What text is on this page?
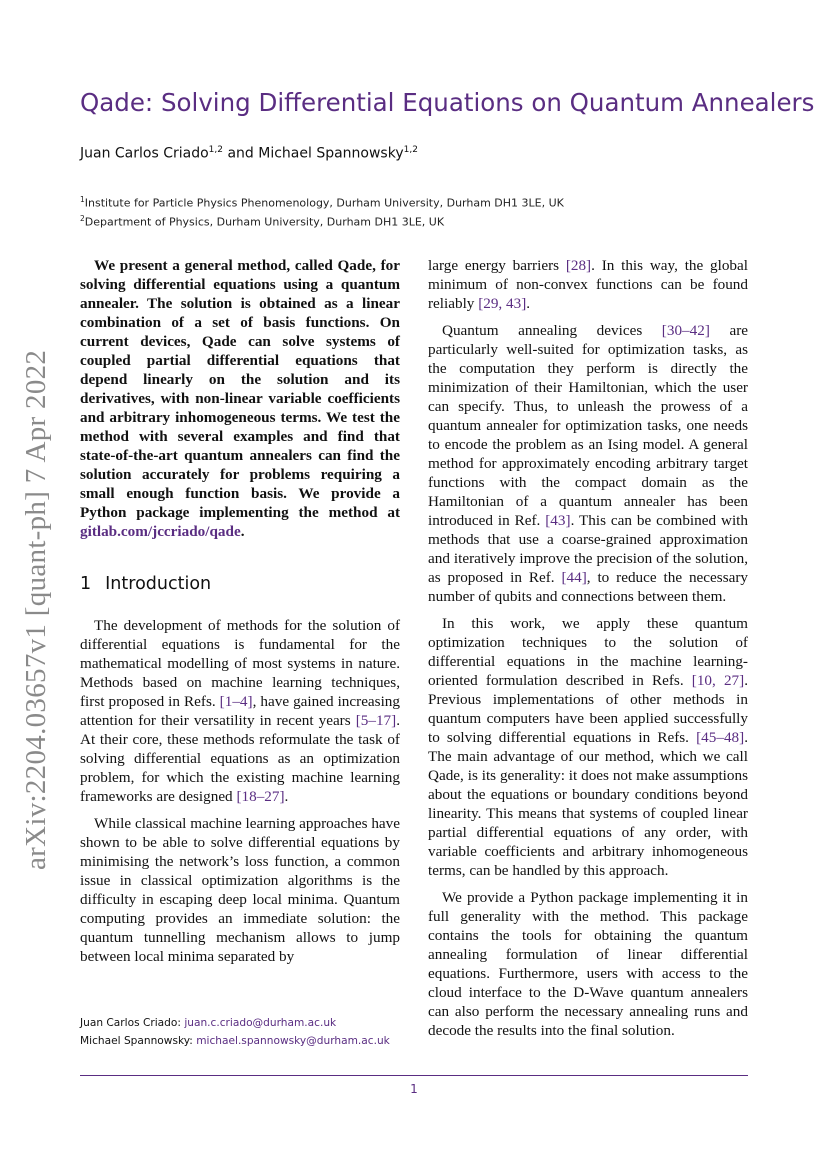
arXiv:2204.03657v1 [quant-ph] 7 Apr 2022
Qade: Solving Differential Equations on Quantum Annealers
Juan Carlos Criado$^{1,2}$ and Michael Spannowsky$^{1,2}$
$^1$Institute for Particle Physics Phenomenology, Durham University, Durham DH1 3LE, UK
$^2$Department of Physics, Durham University, Durham DH1 3LE, UK

We present a general method, called Qade, for solving differential equations using a quantum annealer. The solution is obtained as a linear combination of a set of basis functions. On current devices, Qade can solve systems of coupled partial differential equations that depend linearly on the solution and its derivatives, with non-linear variable coefficients and arbitrary inhomogeneous terms. We test the method with several examples and find that state-of-the-art quantum annealers can find the solution accurately for problems requiring a small enough function basis. We provide a Python package implementing the method at gitlab.com/jccriado/qade.

1 Introduction

The development of methods for the solution of differential equations is fundamental for the mathematical modelling of most systems in nature. Methods based on machine learning techniques, first proposed in Refs. [1–4], have gained increasing attention for their versatility in recent years [5–17]. At their core, these methods reformulate the task of solving differential equations as an optimization problem, for which the existing machine learning frameworks are designed [18–27].

While classical machine learning approaches have shown to be able to solve differential equations by minimising the network’s loss function, a common issue in classical optimization algorithms is the difficulty in escaping deep local minima. Quantum computing provides an immediate solution: the quantum tunnelling mechanism allows to jump between local minima separated by

large energy barriers [28]. In this way, the global minimum of non-convex functions can be found reliably [29, 43].

Quantum annealing devices [30–42] are particularly well-suited for optimization tasks, as the computation they perform is directly the minimization of their Hamiltonian, which the user can specify. Thus, to unleash the prowess of a quantum annealer for optimization tasks, one needs to encode the problem as an Ising model. A general method for approximately encoding arbitrary target functions with the compact domain as the Hamiltonian of a quantum annealer has been introduced in Ref. [43]. This can be combined with methods that use a coarse-grained approximation and iteratively improve the precision of the solution, as proposed in Ref. [44], to reduce the necessary number of qubits and connections between them.

In this work, we apply these quantum optimization techniques to the solution of differential equations in the machine learning-oriented formulation described in Refs. [10, 27]. Previous implementations of other methods in quantum computers have been applied successfully to solving differential equations in Refs. [45–48]. The main advantage of our method, which we call Qade, is its generality: it does not make assumptions about the equations or boundary conditions beyond linearity. This means that systems of coupled linear partial differential equations of any order, with variable coefficients and arbitrary inhomogeneous terms, can be handled by this approach.

We provide a Python package implementing it in full generality with the method. This package contains the tools for obtaining the quantum annealing formulation of linear differential equations. Furthermore, users with access to the cloud interface to the D-Wave quantum annealers can also perform the necessary annealing runs and decode the results into the final solution.

Juan Carlos Criado: juan.c.criado@durham.ac.uk
Michael Spannowsky: michael.spannowsky@durham.ac.uk
1
